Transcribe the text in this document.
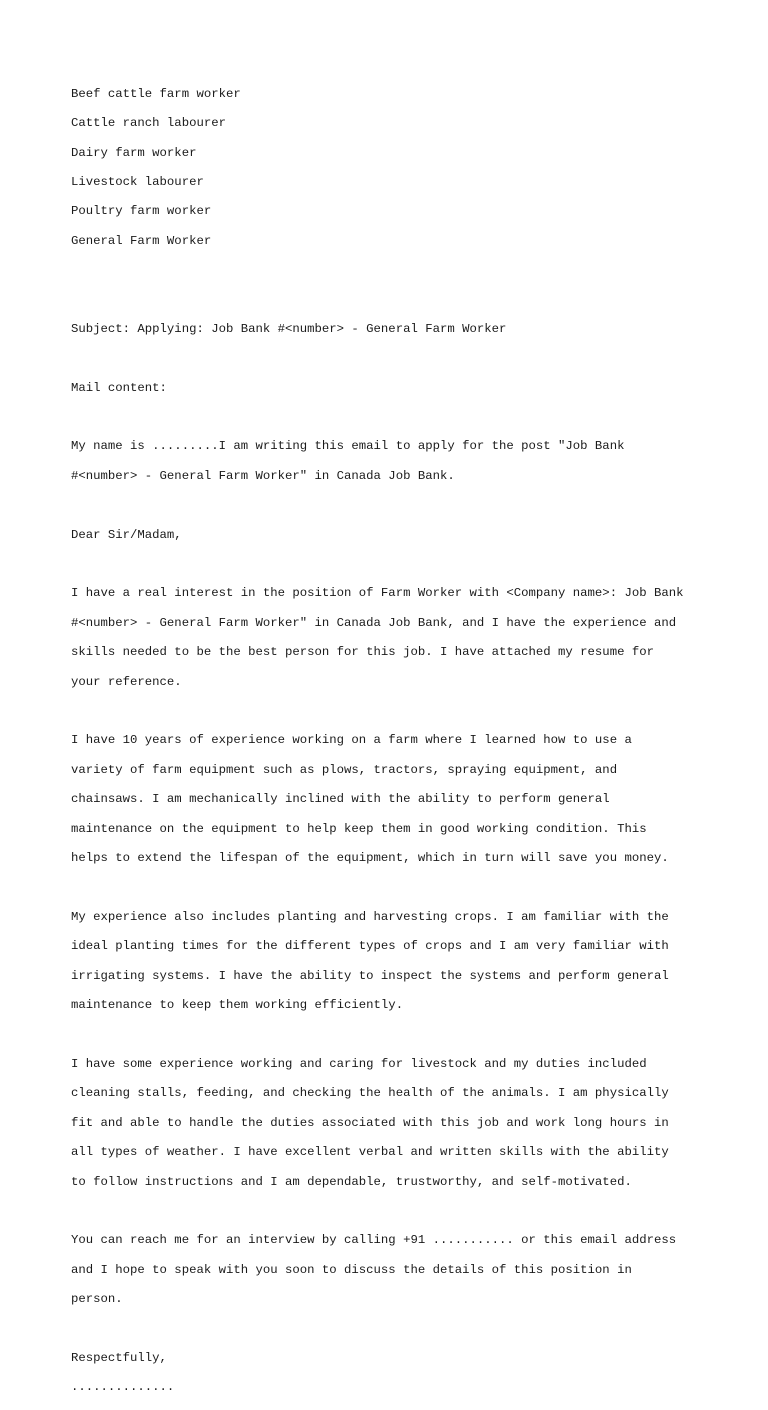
Beef cattle farm worker

Cattle ranch labourer

Dairy farm worker

Livestock labourer

Poultry farm worker

General Farm Worker

Subject: Applying: Job Bank #<number> - General Farm Worker

Mail content:

My name is .........I am writing this email to apply for the post "Job Bank

#<number> - General Farm Worker" in Canada Job Bank.

Dear Sir/Madam,

I have a real interest in the position of Farm Worker with <Company name>: Job Bank

#<number> - General Farm Worker" in Canada Job Bank, and I have the experience and

skills needed to be the best person for this job. I have attached my resume for

your reference.

I have 10 years of experience working on a farm where I learned how to use a

variety of farm equipment such as plows, tractors, spraying equipment, and

chainsaws. I am mechanically inclined with the ability to perform general

maintenance on the equipment to help keep them in good working condition. This

helps to extend the lifespan of the equipment, which in turn will save you money.

My experience also includes planting and harvesting crops. I am familiar with the

ideal planting times for the different types of crops and I am very familiar with

irrigating systems. I have the ability to inspect the systems and perform general

maintenance to keep them working efficiently.

I have some experience working and caring for livestock and my duties included

cleaning stalls, feeding, and checking the health of the animals. I am physically

fit and able to handle the duties associated with this job and work long hours in

all types of weather. I have excellent verbal and written skills with the ability

to follow instructions and I am dependable, trustworthy, and self-motivated.

You can reach me for an interview by calling +91 ........... or this email address

and I hope to speak with you soon to discuss the details of this position in

person.

Respectfully,

..............
